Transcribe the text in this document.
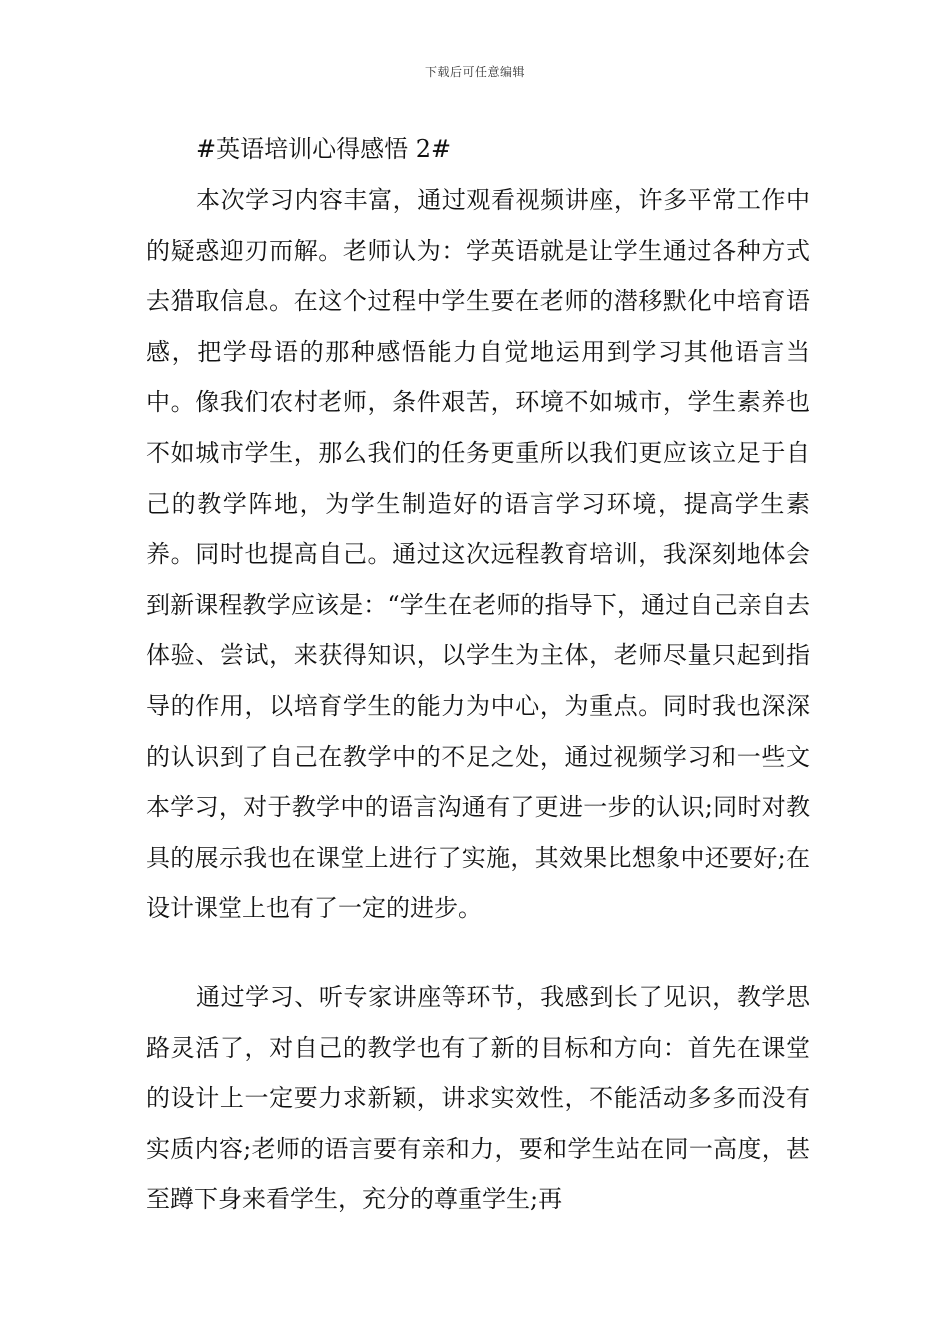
下载后可任意编辑
#英语培训心得感悟 2#

本次学习内容丰富，通过观看视频讲座，许多平常工作中的疑惑迎刃而解。老师认为：学英语就是让学生通过各种方式去猎取信息。在这个过程中学生要在老师的潜移默化中培育语感，把学母语的那种感悟能力自觉地运用到学习其他语言当中。像我们农村老师，条件艰苦，环境不如城市，学生素养也不如城市学生，那么我们的任务更重所以我们更应该立足于自己的教学阵地，为学生制造好的语言学习环境，提高学生素养。同时也提高自己。通过这次远程教育培训，我深刻地体会到新课程教学应该是：“学生在老师的指导下，通过自己亲自去体验、尝试，来获得知识，以学生为主体，老师尽量只起到指导的作用，以培育学生的能力为中心，为重点。同时我也深深的认识到了自己在教学中的不足之处，通过视频学习和一些文本学习，对于教学中的语言沟通有了更进一步的认识;同时对教具的展示我也在课堂上进行了实施，其效果比想象中还要好;在设计课堂上也有了一定的进步。

通过学习、听专家讲座等环节，我感到长了见识，教学思路灵活了，对自己的教学也有了新的目标和方向：首先在课堂的设计上一定要力求新颖，讲求实效性，不能活动多多而没有实质内容;老师的语言要有亲和力，要和学生站在同一高度，甚至蹲下身来看学生，充分的尊重学生;再
